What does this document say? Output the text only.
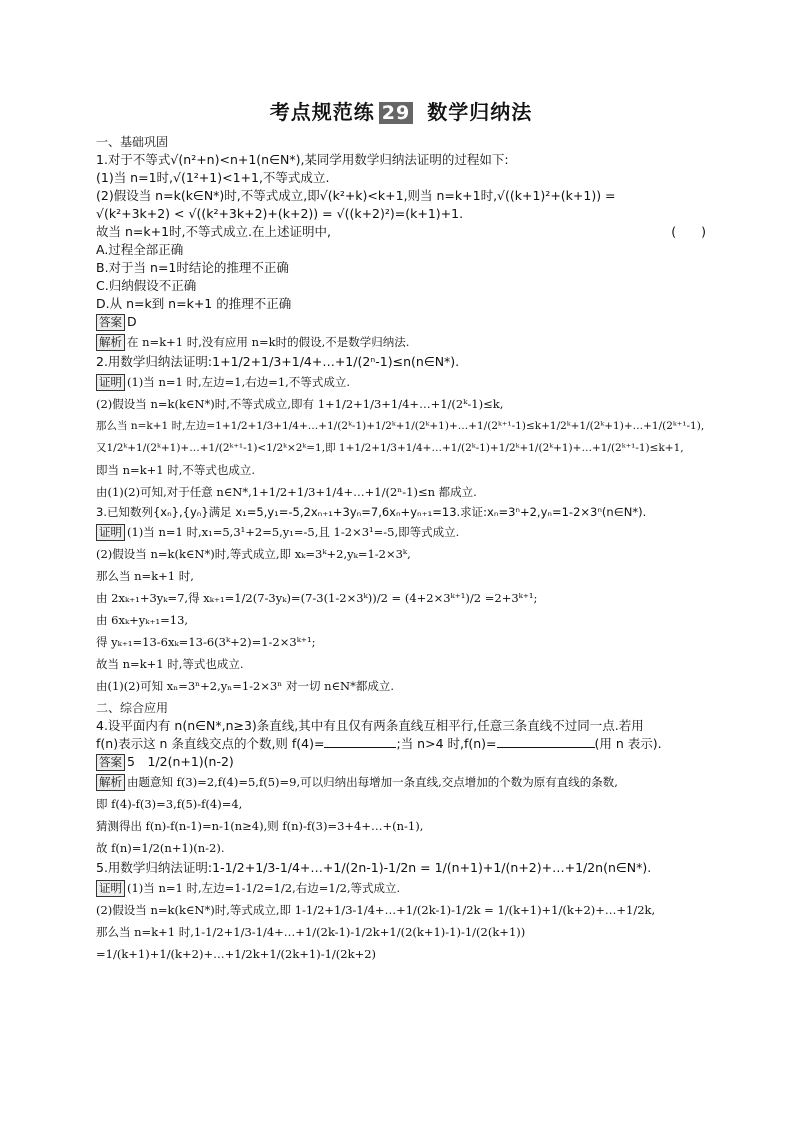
考点规范练 29 数学归纳法
一、基础巩固
1.对于不等式√(n²+n)<n+1(n∈N*),某同学用数学归纳法证明的过程如下:
(1)当 n=1时,√(1²+1)<1+1,不等式成立.
(2)假设当 n=k(k∈N*)时,不等式成立,即√(k²+k)<k+1,则当 n=k+1时,√((k+1)²+(k+1)) =
√(k²+3k+2) < √((k²+3k+2)+(k+2)) = √((k+2)²)=(k+1)+1.
故当 n=k+1时,不等式成立.在上述证明中,	(　　)
A.过程全部正确
B.对于当 n=1时结论的推理不正确
C.归纳假设不正确
D.从 n=k到 n=k+1 的推理不正确
答案 D
解析 在 n=k+1 时,没有应用 n=k时的假设,不是数学归纳法.
2.用数学归纳法证明:1+1/2+1/3+1/4+…+1/(2ⁿ-1)≤n(n∈N*).
证明 (1)当 n=1 时,左边=1,右边=1,不等式成立.
(2)假设当 n=k(k∈N*)时,不等式成立,即有 1+1/2+1/3+1/4+…+1/(2ᵏ-1)≤k,
那么当 n=k+1 时,左边=1+1/2+1/3+1/4+…+1/(2ᵏ-1)+1/2ᵏ+1/(2ᵏ+1)+…+1/(2ᵏ⁺¹-1)≤k+1/2ᵏ+1/(2ᵏ+1)+…+1/(2ᵏ⁺¹-1),
又1/2ᵏ+1/(2ᵏ+1)+…+1/(2ᵏ⁺¹-1)<1/2ᵏ×2ᵏ=1,即 1+1/2+1/3+1/4+…+1/(2ᵏ-1)+1/2ᵏ+1/(2ᵏ+1)+…+1/(2ᵏ⁺¹-1)≤k+1,
即当 n=k+1 时,不等式也成立.
由(1)(2)可知,对于任意 n∈N*,1+1/2+1/3+1/4+…+1/(2ⁿ-1)≤n 都成立.
3.已知数列{xₙ},{yₙ}满足 x₁=5,y₁=-5,2xₙ₊₁+3yₙ=7,6xₙ+yₙ₊₁=13.求证:xₙ=3ⁿ+2,yₙ=1-2×3ⁿ(n∈N*).
证明 (1)当 n=1 时,x₁=5,3¹+2=5,y₁=-5,且 1-2×3¹=-5,即等式成立.
(2)假设当 n=k(k∈N*)时,等式成立,即 xₖ=3ᵏ+2,yₖ=1-2×3ᵏ,
那么当 n=k+1 时,
由 2xₖ₊₁+3yₖ=7,得 xₖ₊₁=1/2(7-3yₖ)=(7-3(1-2×3ᵏ))/2 = (4+2×3ᵏ⁺¹)/2 =2+3ᵏ⁺¹;
由 6xₖ+yₖ₊₁=13,
得 yₖ₊₁=13-6xₖ=13-6(3ᵏ+2)=1-2×3ᵏ⁺¹;
故当 n=k+1 时,等式也成立.
由(1)(2)可知 xₙ=3ⁿ+2,yₙ=1-2×3ⁿ 对一切 n∈N*都成立.
二、综合应用
4.设平面内有 n(n∈N*,n≥3)条直线,其中有且仅有两条直线互相平行,任意三条直线不过同一点.若用
f(n)表示这 n 条直线交点的个数,则 f(4)=	;当 n>4 时,f(n)=	(用 n 表示).
答案 5　1/2(n+1)(n-2)
解析 由题意知 f(3)=2,f(4)=5,f(5)=9,可以归纳出每增加一条直线,交点增加的个数为原有直线的条数,
即 f(4)-f(3)=3,f(5)-f(4)=4,
猜测得出 f(n)-f(n-1)=n-1(n≥4),则 f(n)-f(3)=3+4+…+(n-1),
故 f(n)=1/2(n+1)(n-2).
5.用数学归纳法证明:1-1/2+1/3-1/4+…+1/(2n-1)-1/2n = 1/(n+1)+1/(n+2)+…+1/2n(n∈N*).
证明 (1)当 n=1 时,左边=1-1/2=1/2,右边=1/2,等式成立.
(2)假设当 n=k(k∈N*)时,等式成立,即 1-1/2+1/3-1/4+…+1/(2k-1)-1/2k = 1/(k+1)+1/(k+2)+…+1/2k,
那么当 n=k+1 时,1-1/2+1/3-1/4+…+1/(2k-1)-1/2k+1/(2(k+1)-1)-1/(2(k+1))
=1/(k+1)+1/(k+2)+…+1/2k+1/(2k+1)-1/(2k+2)
